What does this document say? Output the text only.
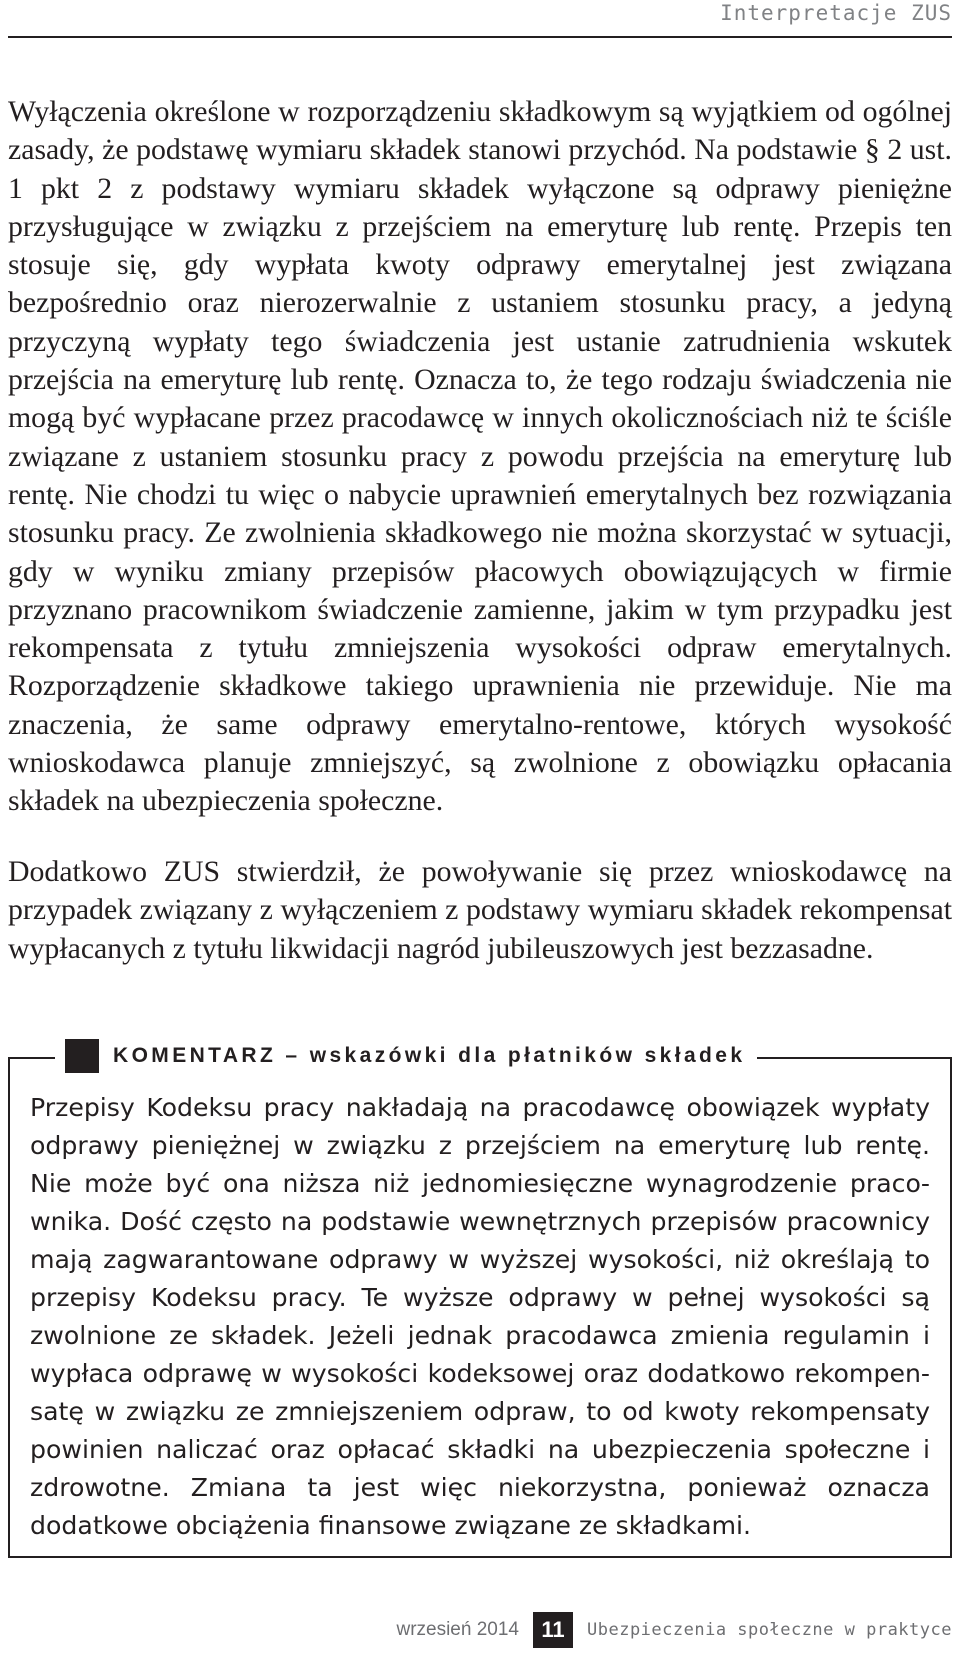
Interpretacje ZUS

Wyłączenia określone w rozporządzeniu składkowym są wyjątkiem od ogólnej zasady, że podstawę wymiaru składek stanowi przychód. Na podstawie § 2 ust. 1 pkt 2 z podstawy wymiaru składek wyłączone są odprawy pieniężne przysługujące w związku z przejściem na emeryturę lub rentę. Przepis ten stosuje się, gdy wypłata kwoty odprawy emerytalnej jest związana bezpośrednio oraz nierozerwalnie z ustaniem stosunku pracy, a jedyną przyczyną wypłaty tego świadczenia jest ustanie zatrudnienia wskutek przejścia na emeryturę lub rentę. Oznacza to, że tego rodzaju świadczenia nie mogą być wypłacane przez pracodawcę w innych okolicznościach niż te ściśle związane z ustaniem stosunku pracy z powodu przejścia na emeryturę lub rentę. Nie chodzi tu więc o nabycie uprawnień emerytalnych bez rozwiązania stosunku pracy. Ze zwolnienia składkowego nie można skorzystać w sytuacji, gdy w wyniku zmiany przepisów płacowych obowiązujących w firmie przyznano pracownikom świadczenie zamienne, jakim w tym przypadku jest rekompensata z tytułu zmniejszenia wysokości odpraw emerytalnych. Rozporządzenie składkowe takiego uprawnienia nie przewiduje. Nie ma znaczenia, że same odprawy emerytalno-rentowe, których wysokość wnioskodawca planuje zmniejszyć, są zwolnione z obowiązku opłacania składek na ubezpieczenia społeczne.

Dodatkowo ZUS stwierdził, że powoływanie się przez wnioskodawcę na przypadek związany z wyłączeniem z podstawy wymiaru składek rekompensat wypłacanych z tytułu likwidacji nagród jubileuszowych jest bezzasadne.

KOMENTARZ – wskazówki dla płatników składek

Przepisy Kodeksu pracy nakładają na pracodawcę obowiązek wypłaty odprawy pieniężnej w związku z przejściem na emeryturę lub rentę. Nie może być ona niższa niż jednomiesięczne wynagrodzenie pracownika. Dość często na podstawie wewnętrznych przepisów pracownicy mają zagwarantowane odprawy w wyższej wysokości, niż określają to przepisy Kodeksu pracy. Te wyższe odprawy w pełnej wysokości są zwolnione ze składek. Jeżeli jednak pracodawca zmienia regulamin i wypłaca odprawę w wysokości kodeksowej oraz dodatkowo rekompensatę w związku ze zmniejszeniem odpraw, to od kwoty rekompensaty powinien naliczać oraz opłacać składki na ubezpieczenia społeczne i zdrowotne. Zmiana ta jest więc niekorzystna, ponieważ oznacza dodatkowe obciążenia finansowe związane ze składkami.

wrzesień 2014	11	Ubezpieczenia społeczne w praktyce
